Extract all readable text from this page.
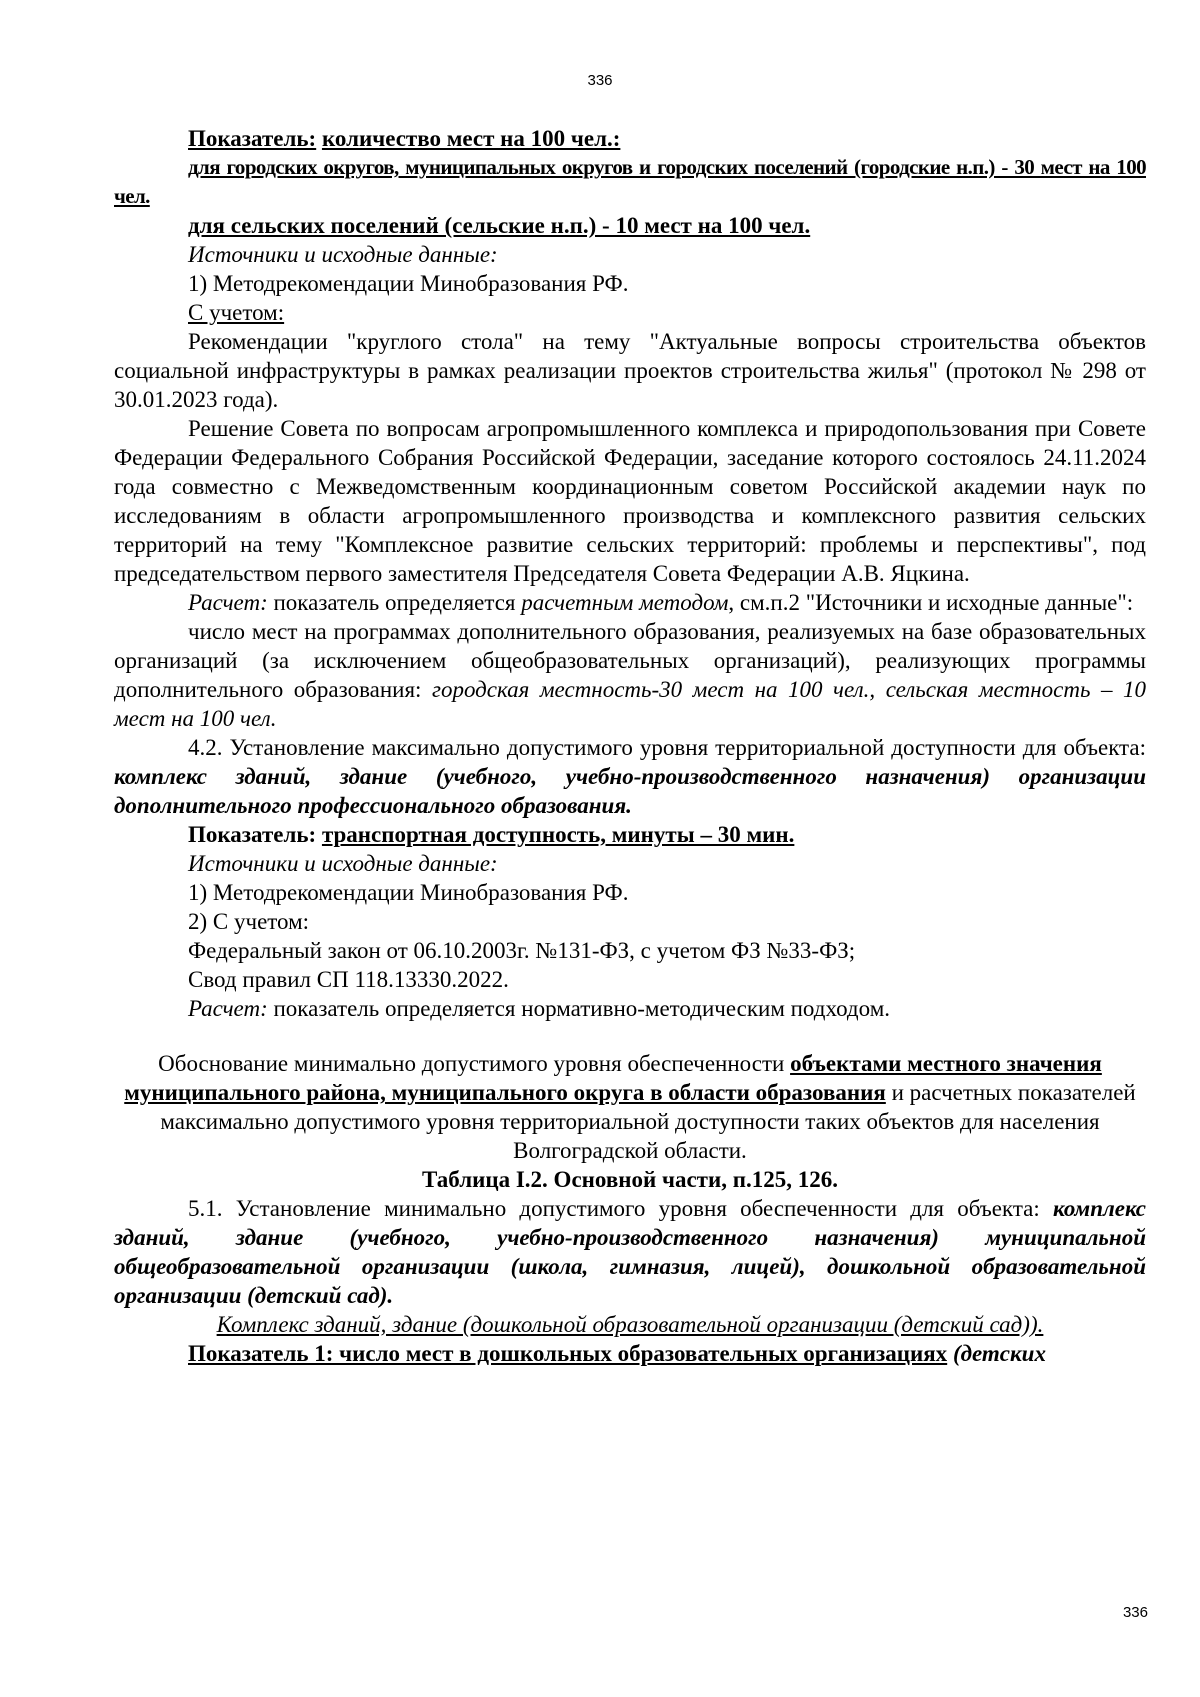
336

Показатель: количество мест на 100 чел.:

для городских округов, муниципальных округов и городских поселений (городские н.п.) - 30 мест на 100 чел.

для сельских поселений (сельские н.п.) - 10 мест на 100 чел.

Источники и исходные данные:

1) Методрекомендации Минобразования РФ.

С учетом:

Рекомендации "круглого стола" на тему "Актуальные вопросы строительства объектов социальной инфраструктуры в рамках реализации проектов строительства жилья" (протокол № 298 от 30.01.2023 года).

Решение Совета по вопросам агропромышленного комплекса и природопользования при Совете Федерации Федерального Собрания Российской Федерации, заседание которого состоялось 24.11.2024 года совместно с Межведомственным координационным советом Российской академии наук по исследованиям в области агропромышленного производства и комплексного развития сельских территорий на тему "Комплексное развитие сельских территорий: проблемы и перспективы", под председательством первого заместителя Председателя Совета Федерации А.В. Яцкина.

Расчет: показатель определяется расчетным методом, см.п.2 "Источники и исходные данные":

число мест на программах дополнительного образования, реализуемых на базе образовательных организаций (за исключением общеобразовательных организаций), реализующих программы дополнительного образования: городская местность-30 мест на 100 чел., сельская местность – 10 мест на 100 чел.

4.2. Установление максимально допустимого уровня территориальной доступности для объекта: комплекс зданий, здание (учебного, учебно-производственного назначения) организации дополнительного профессионального образования.

Показатель: транспортная доступность, минуты – 30 мин.

Источники и исходные данные:

1) Методрекомендации Минобразования РФ.

2) С учетом:

Федеральный закон от 06.10.2003г. №131-ФЗ, с учетом ФЗ №33-ФЗ;

Свод правил СП 118.13330.2022.

Расчет: показатель определяется нормативно-методическим подходом.

Обоснование минимально допустимого уровня обеспеченности объектами местного значения муниципального района, муниципального округа в области образования и расчетных показателей максимально допустимого уровня территориальной доступности таких объектов для населения Волгоградской области.

Таблица I.2. Основной части, п.125, 126.

5.1. Установление минимально допустимого уровня обеспеченности для объекта: комплекс зданий, здание (учебного, учебно-производственного назначения) муниципальной общеобразовательной организации (школа, гимназия, лицей), дошкольной образовательной организации (детский сад).

Комплекс зданий, здание (дошкольной образовательной организации (детский сад)).

Показатель 1: число мест в дошкольных образовательных организациях (детских

336
